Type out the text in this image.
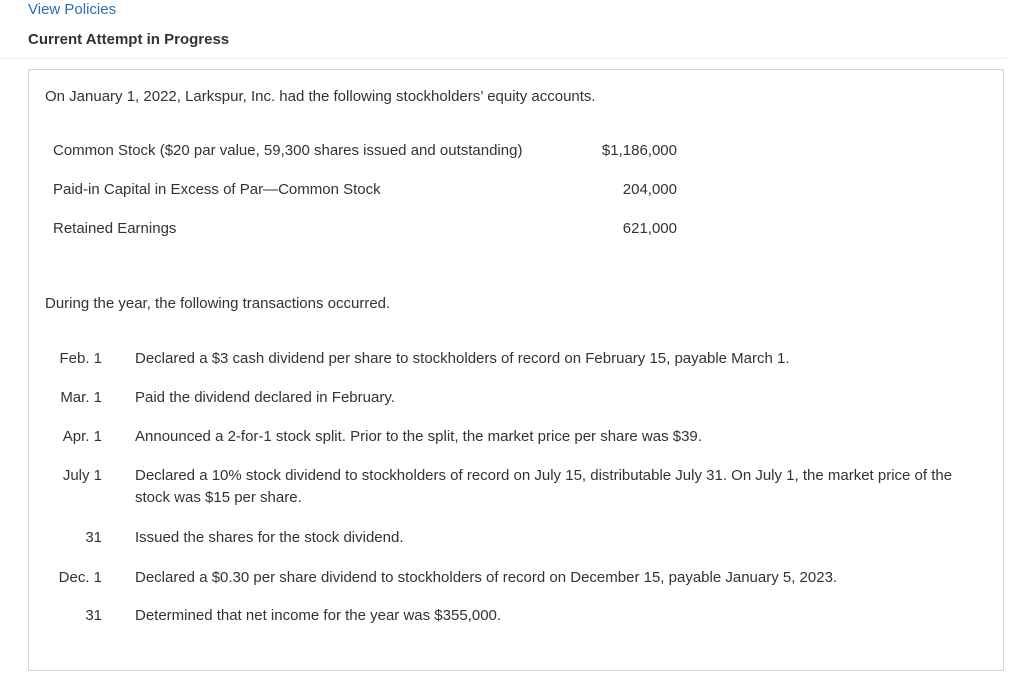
View Policies
Current Attempt in Progress
On January 1, 2022, Larkspur, Inc. had the following stockholders’ equity accounts.
Common Stock ($20 par value, 59,300 shares issued and outstanding)	$1,186,000
Paid-in Capital in Excess of Par—Common Stock	204,000
Retained Earnings	621,000
During the year, the following transactions occurred.
Feb. 1 Declared a $3 cash dividend per share to stockholders of record on February 15, payable March 1.
Mar. 1 Paid the dividend declared in February.
Apr. 1 Announced a 2-for-1 stock split. Prior to the split, the market price per share was $39.
July 1 Declared a 10% stock dividend to stockholders of record on July 15, distributable July 31. On July 1, the market price of the stock was $15 per share.
31 Issued the shares for the stock dividend.
Dec. 1 Declared a $0.30 per share dividend to stockholders of record on December 15, payable January 5, 2023.
31 Determined that net income for the year was $355,000.
